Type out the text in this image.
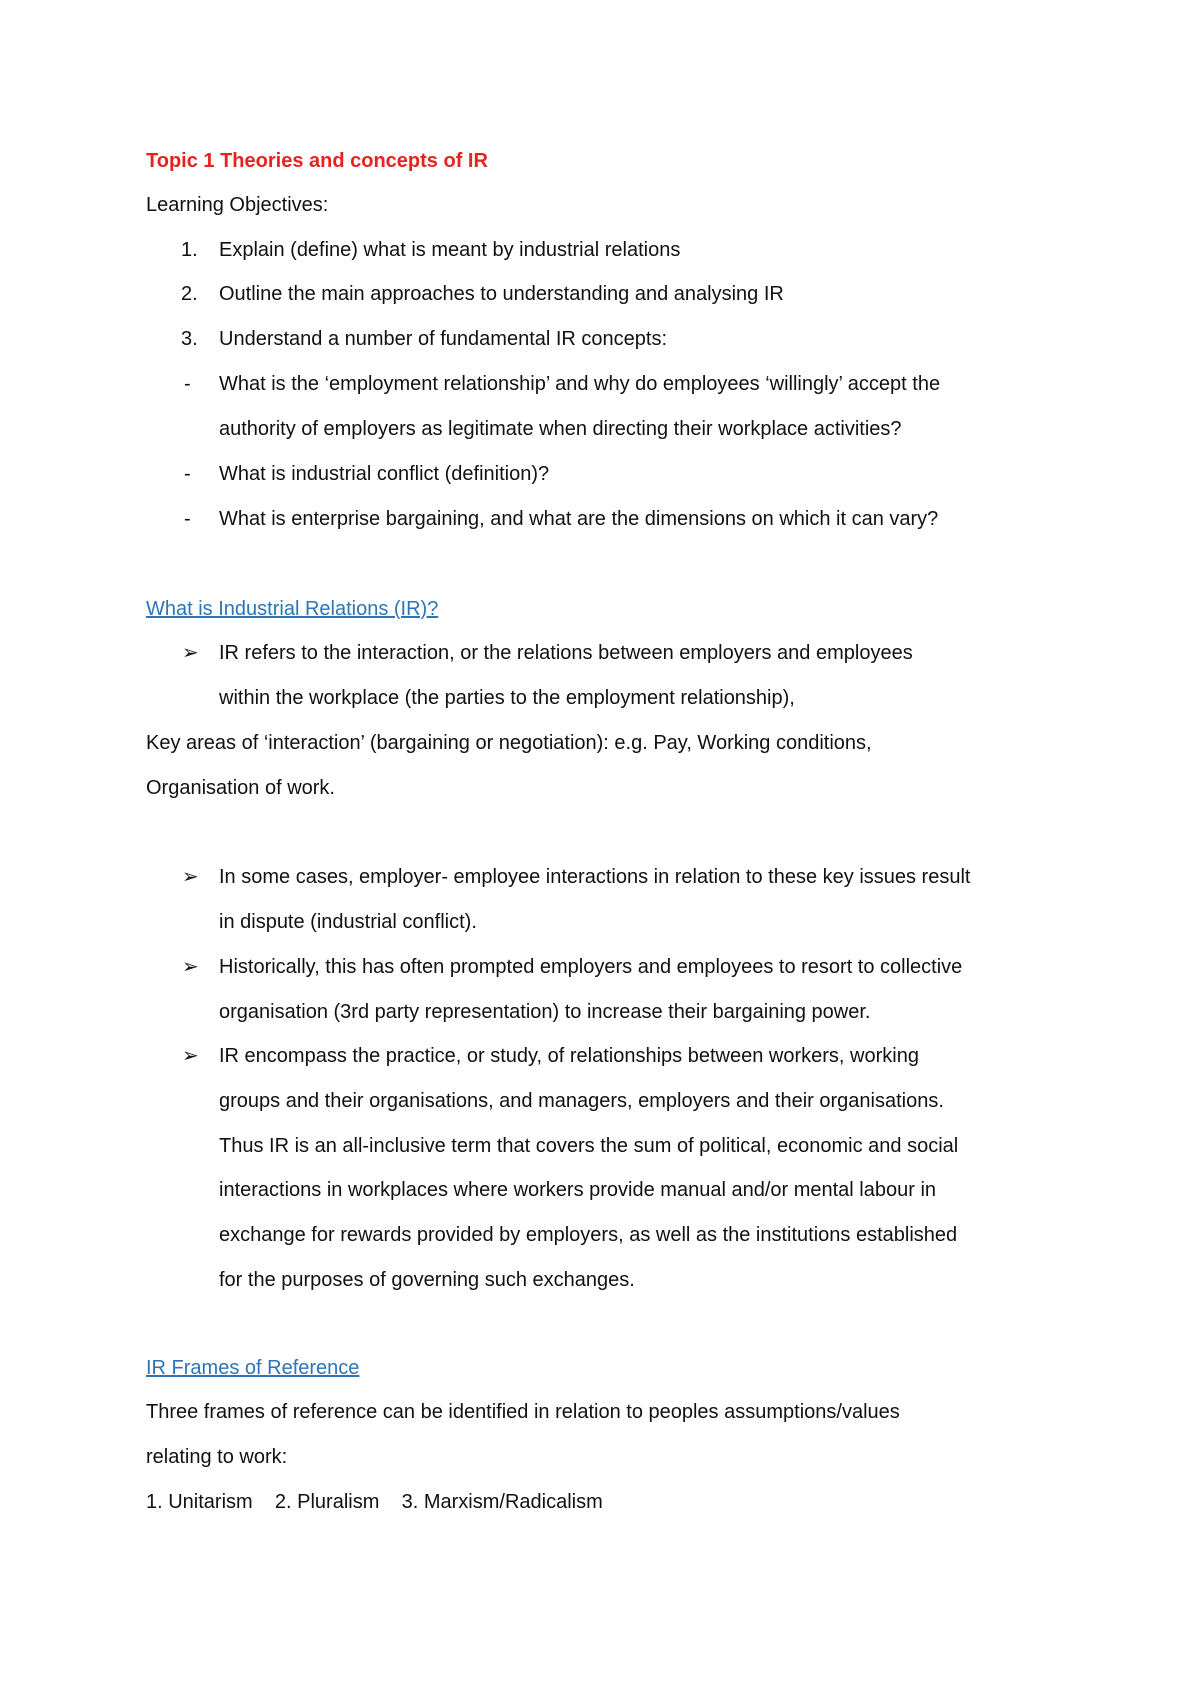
Topic 1 Theories and concepts of IR
Learning Objectives:
1. Explain (define) what is meant by industrial relations
2. Outline the main approaches to understanding and analysing IR
3. Understand a number of fundamental IR concepts:
- What is the ‘employment relationship’ and why do employees ‘willingly’ accept the
authority of employers as legitimate when directing their workplace activities?
- What is industrial conflict (definition)?
- What is enterprise bargaining, and what are the dimensions on which it can vary?
What is Industrial Relations (IR)?
➢ IR refers to the interaction, or the relations between employers and employees
within the workplace (the parties to the employment relationship),
Key areas of ‘interaction’ (bargaining or negotiation): e.g. Pay, Working conditions,
Organisation of work.
➢ In some cases, employer- employee interactions in relation to these key issues result
in dispute (industrial conflict).
➢ Historically, this has often prompted employers and employees to resort to collective
organisation (3rd party representation) to increase their bargaining power.
➢ IR encompass the practice, or study, of relationships between workers, working
groups and their organisations, and managers, employers and their organisations.
Thus IR is an all-inclusive term that covers the sum of political, economic and social
interactions in workplaces where workers provide manual and/or mental labour in
exchange for rewards provided by employers, as well as the institutions established
for the purposes of governing such exchanges.
IR Frames of Reference
Three frames of reference can be identified in relation to peoples assumptions/values
relating to work:
1. Unitarism    2. Pluralism    3. Marxism/Radicalism
